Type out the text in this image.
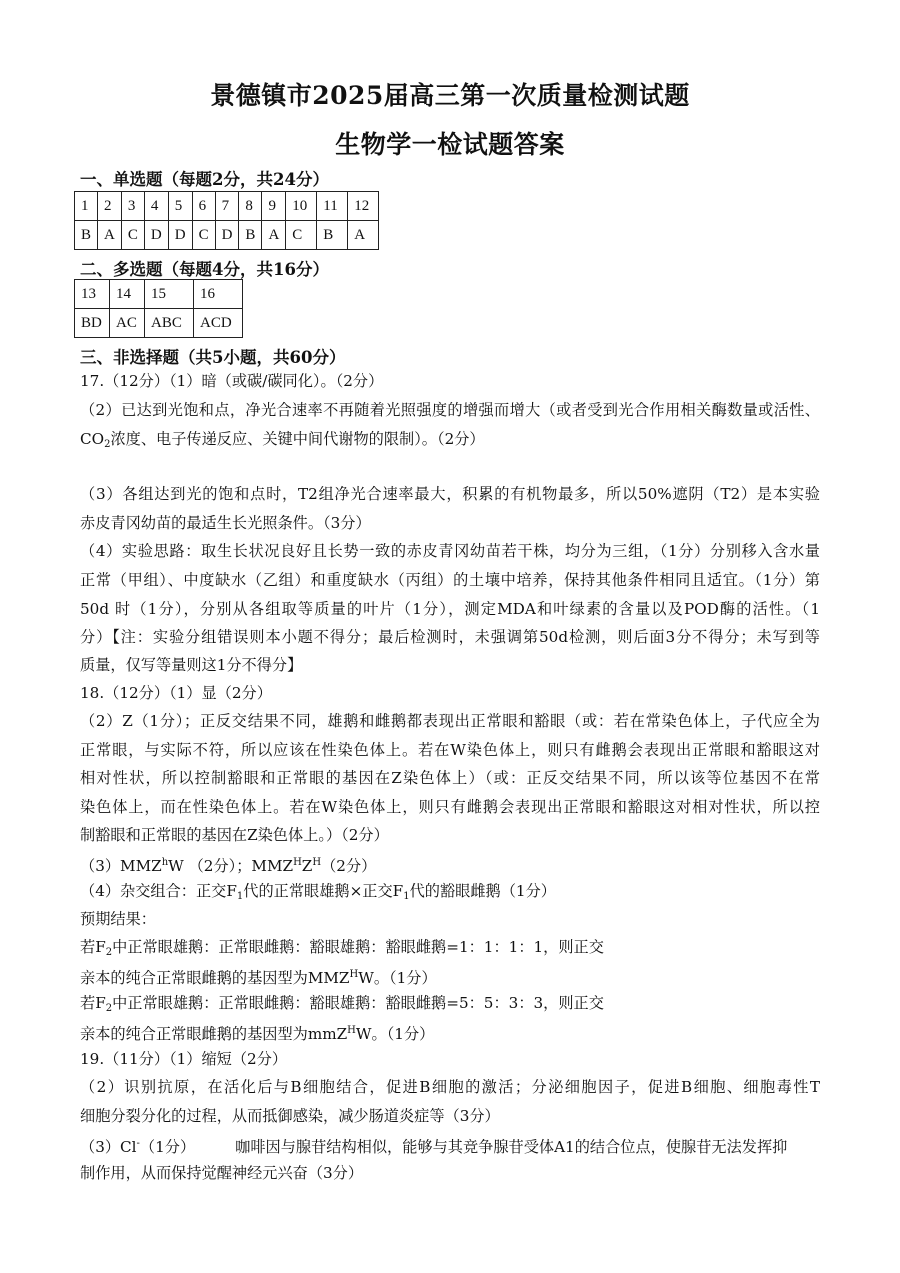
景德镇市2025届高三第一次质量检测试题
生物学一检试题答案
一、单选题（每题2分，共24分）
1	2	3	4	5	6	7	8	9	10	11	12
B	A	C	D	D	C	D	B	A	C	B	A
二、多选题（每题4分，共16分）
13	14	15	16
BD	AC	ABC	ACD
三、非选择题（共5小题，共60分）
17.（12分）（1）暗（或碳/碳同化）。（2分）
（2）已达到光饱和点，净光合速率不再随着光照强度的增强而增大（或者受到光合作用相关酶数量或活性、
$CO_2$浓度、电子传递反应、关键中间代谢物的限制）。（2分）
（3）各组达到光的饱和点时，T2组净光合速率最大，积累的有机物最多，所以50%遮阴（T2）是本实验
赤皮青冈幼苗的最适生长光照条件。（3分）
（4）实验思路：取生长状况良好且长势一致的赤皮青冈幼苗若干株，均分为三组，（1分）分别移入含水量
正常（甲组）、中度缺水（乙组）和重度缺水（丙组）的土壤中培养，保持其他条件相同且适宜。（1分）第
50d 时（1分），分别从各组取等质量的叶片（1分），测定MDA和叶绿素的含量以及POD酶的活性。（1
分）【注：实验分组错误则本小题不得分；最后检测时，未强调第50d检测，则后面3分不得分；未写到等
质量，仅写等量则这1分不得分】
18.（12分）（1）显（2分）
（2）Z（1分）；正反交结果不同，雄鹅和雌鹅都表现出正常眼和豁眼（或：若在常染色体上，子代应全为
正常眼，与实际不符，所以应该在性染色体上。若在W染色体上，则只有雌鹅会表现出正常眼和豁眼这对
相对性状，所以控制豁眼和正常眼的基因在Z染色体上）（或：正反交结果不同，所以该等位基因不在常
染色体上，而在性染色体上。若在W染色体上，则只有雌鹅会表现出正常眼和豁眼这对相对性状，所以控
制豁眼和正常眼的基因在Z染色体上。）（2分）
（3）MMZ$^h$W （2分）；$MMZ^HZ^H(2$分）
（4）杂交组合：正交$F_1$代的正常眼雄鹅×正交$F_1$代的豁眼雌鹅（1分）
预期结果：
若$F_2$中正常眼雄鹅：正常眼雌鹅：豁眼雄鹅：豁眼雌鹅=1：1：1：1，则正交
亲本的纯合正常眼雌鹅的基因型为$MMZ^HW$。（1分）
若$F_2$中正常眼雄鹅：正常眼雌鹅：豁眼雄鹅：豁眼雌鹅=5：5：3：3，则正交
亲本的纯合正常眼雌鹅的基因型为mmZ$^H$W。（1分）
19.（11分）（1）缩短（2分）
（2）识别抗原，在活化后与B细胞结合，促进B细胞的激活；分泌细胞因子，促进B细胞、细胞毒性T
细胞分裂分化的过程，从而抵御感染，减少肠道炎症等（3分）
（3）Cl-（1分）	咖啡因与腺苷结构相似，能够与其竞争腺苷受体A1的结合位点，使腺苷无法发挥抑
制作用，从而保持觉醒神经元兴奋（3分）
